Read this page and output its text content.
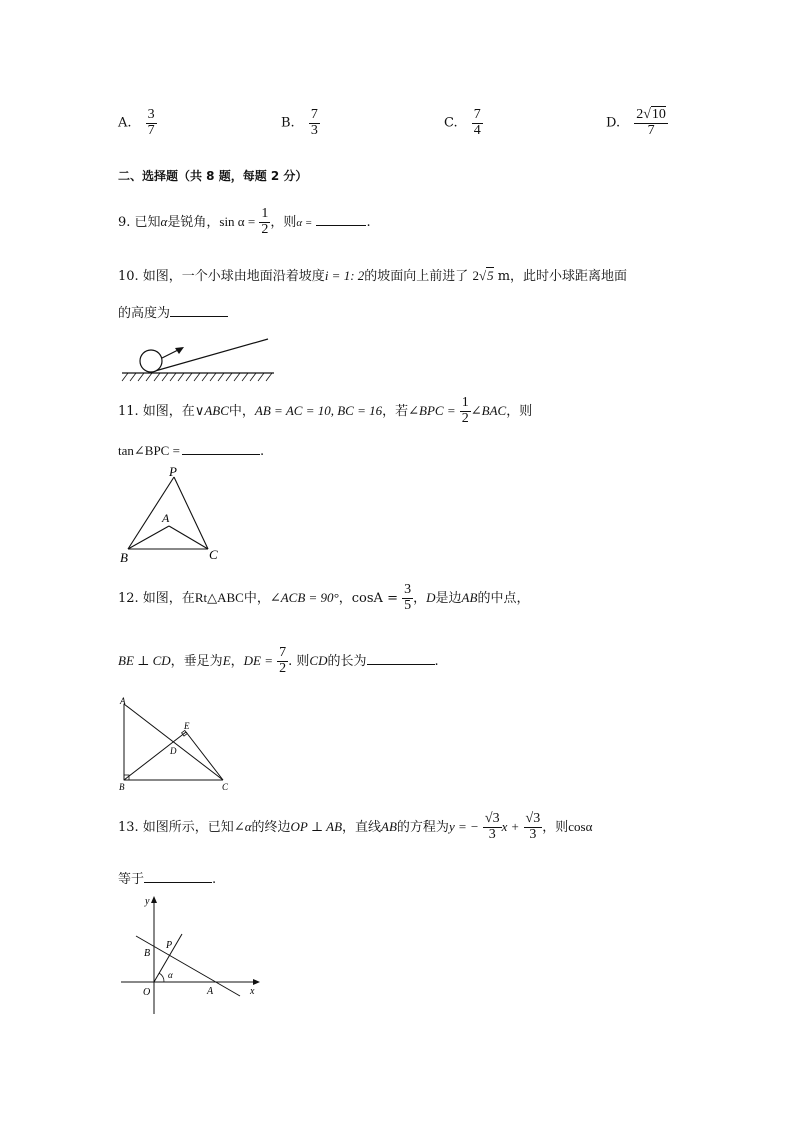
A. $\frac{3}{7}$	B. $\frac{7}{3}$	C. $\frac{7}{4}$	D. $\frac{2√10}{7}$
二、选择题（共 8 题，每题 2 分）
9. 已知α是锐角，$\sin \alpha = \frac{1}{2}$ ，则α =	.
10. 如图，一个小球由地面沿着坡度i = 1: 2的坡面向上前进了 2√5 m，此时小球距离地面
的高度为
11. 如图，在∨ABC中，AB = AC = 10, BC = 16，若∠BPC = $\frac{1}{2}$ ∠BAC，则
tan∠BPC =	.
P
A
B	C
12. 如图，在Rt△ABC中，∠ACB = 90°，$\cos A = \frac{3}{5}$ ，D是边AB的中点，
BE ⊥ CD，垂足为E，DE = $\frac{7}{2}$ . 则CD的长为	.
A
B	C
D
E
13. 如图所示，已知∠α的终边OP ⊥ AB，直线AB的方程为y = − $\frac{√3}{3}$ $x + \frac{√3}{3}$ ，则cosα
等于	.
y
x
O	A
B
P
α
